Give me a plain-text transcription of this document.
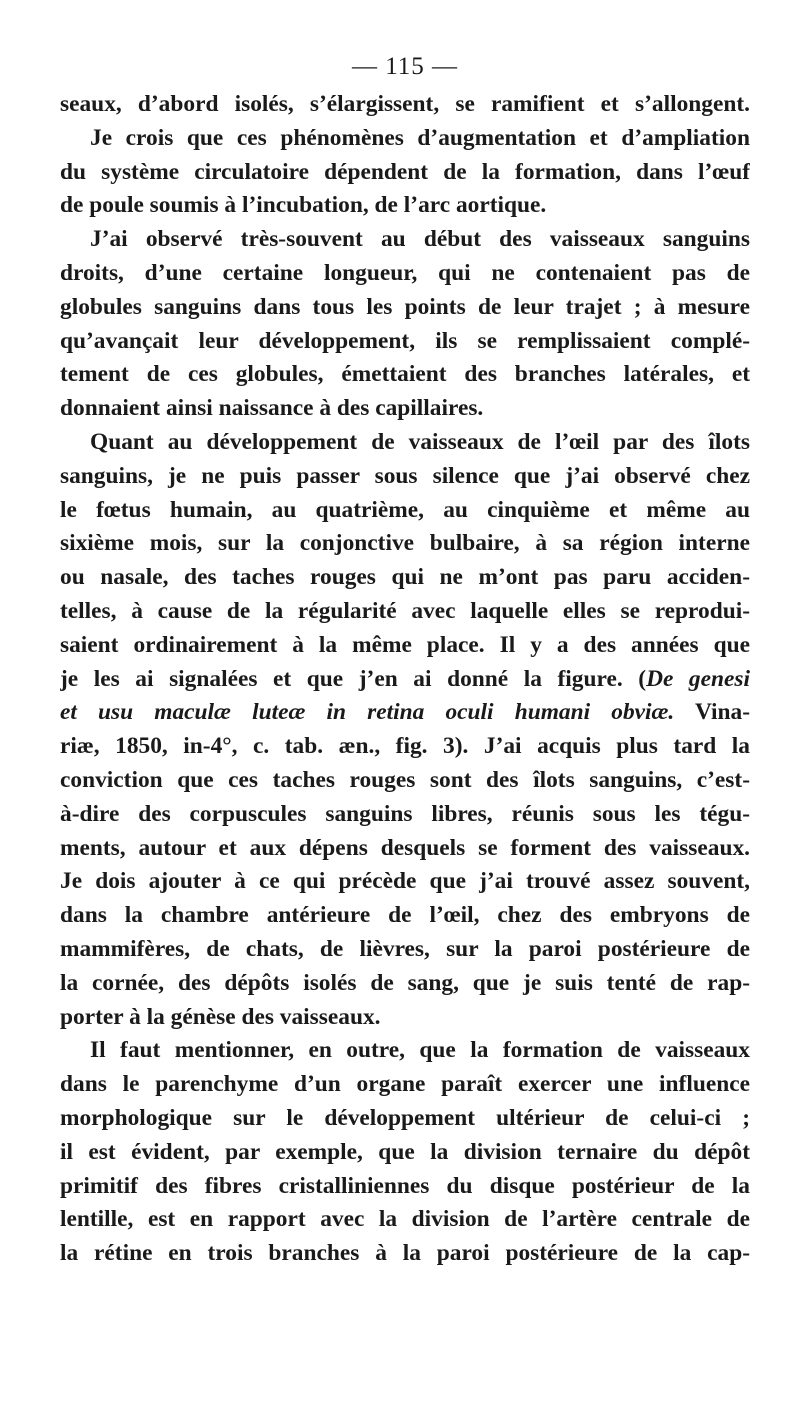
— 115 —
seaux, d’abord isolés, s’élargissent, se ramifient et s’allongent.
Je crois que ces phénomènes d’augmentation et d’ampliation
du système circulatoire dépendent de la formation, dans l’œuf
de poule soumis à l’incubation, de l’arc aortique.
J’ai observé très-souvent au début des vaisseaux sanguins
droits, d’une certaine longueur, qui ne contenaient pas de
globules sanguins dans tous les points de leur trajet ; à mesure
qu’avançait leur développement, ils se remplissaient complé-
tement de ces globules, émettaient des branches latérales, et
donnaient ainsi naissance à des capillaires.
Quant au développement de vaisseaux de l’œil par des îlots
sanguins, je ne puis passer sous silence que j’ai observé chez
le fœtus humain, au quatrième, au cinquième et même au
sixième mois, sur la conjonctive bulbaire, à sa région interne
ou nasale, des taches rouges qui ne m’ont pas paru acciden-
telles, à cause de la régularité avec laquelle elles se reprodui-
saient ordinairement à la même place. Il y a des années que
je les ai signalées et que j’en ai donné la figure. (De genesi
et usu maculæ luteæ in retina oculi humani obviæ. Vina-
riæ, 1850, in-4°, c. tab. æn., fig. 3). J’ai acquis plus tard la
conviction que ces taches rouges sont des îlots sanguins, c’est-
à-dire des corpuscules sanguins libres, réunis sous les tégu-
ments, autour et aux dépens desquels se forment des vaisseaux.
Je dois ajouter à ce qui précède que j’ai trouvé assez souvent,
dans la chambre antérieure de l’œil, chez des embryons de
mammifères, de chats, de lièvres, sur la paroi postérieure de
la cornée, des dépôts isolés de sang, que je suis tenté de rap-
porter à la génèse des vaisseaux.
Il faut mentionner, en outre, que la formation de vaisseaux
dans le parenchyme d’un organe paraît exercer une influence
morphologique sur le développement ultérieur de celui-ci ;
il est évident, par exemple, que la division ternaire du dépôt
primitif des fibres cristalliniennes du disque postérieur de la
lentille, est en rapport avec la division de l’artère centrale de
la rétine en trois branches à la paroi postérieure de la cap-
